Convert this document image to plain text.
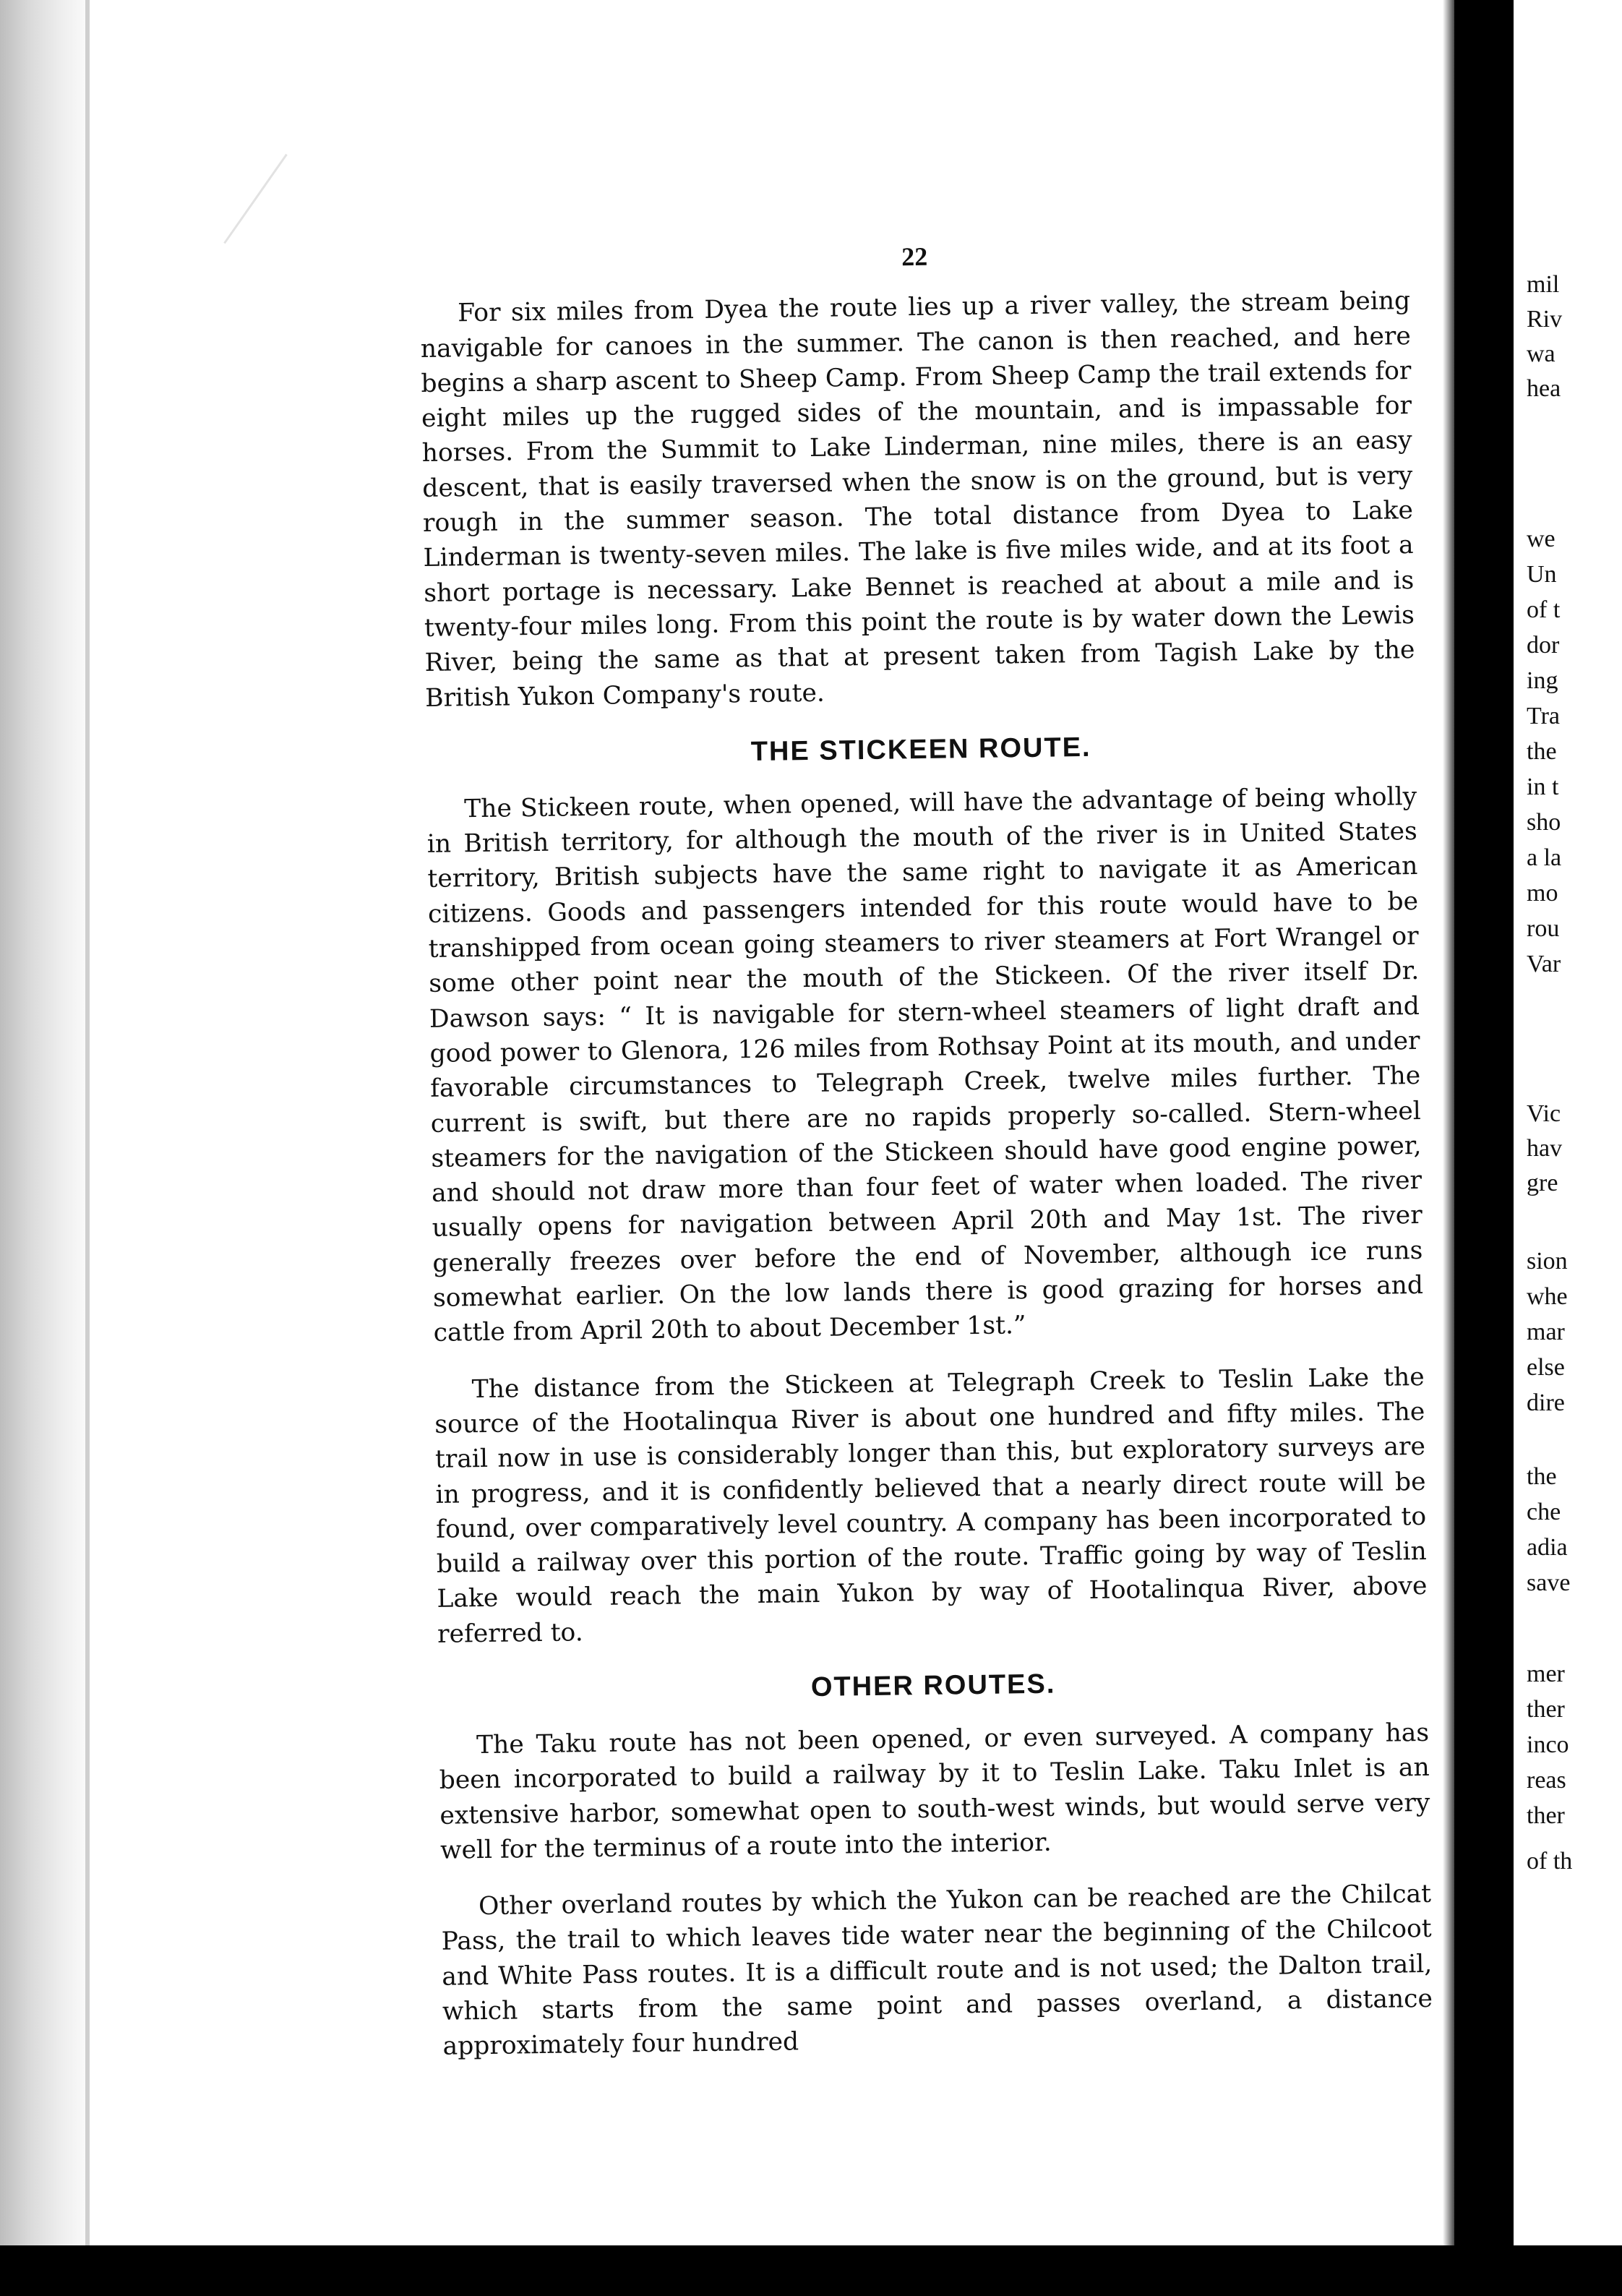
22

For six miles from Dyea the route lies up a river valley, the stream being navigable for canoes in the summer. The canon is then reached, and here begins a sharp ascent to Sheep Camp. From Sheep Camp the trail extends for eight miles up the rugged sides of the mountain, and is impassable for horses. From the Summit to Lake Linderman, nine miles, there is an easy descent, that is easily traversed when the snow is on the ground, but is very rough in the summer season. The total distance from Dyea to Lake Linderman is twenty-seven miles. The lake is five miles wide, and at its foot a short portage is necessary. Lake Bennet is reached at about a mile and is twenty-four miles long. From this point the route is by water down the Lewis River, being the same as that at present taken from Tagish Lake by the British Yukon Company's route.

THE STICKEEN ROUTE.

The Stickeen route, when opened, will have the advantage of being wholly in British territory, for although the mouth of the river is in United States territory, British subjects have the same right to navigate it as American citizens. Goods and passengers intended for this route would have to be transhipped from ocean going steamers to river steamers at Fort Wrangel or some other point near the mouth of the Stickeen. Of the river itself Dr. Dawson says: “ It is navigable for stern-wheel steamers of light draft and good power to Glenora, 126 miles from Rothsay Point at its mouth, and under favorable circumstances to Telegraph Creek, twelve miles further. The current is swift, but there are no rapids properly so-called. Stern-wheel steamers for the navigation of the Stickeen should have good engine power, and should not draw more than four feet of water when loaded. The river usually opens for navigation between April 20th and May 1st. The river generally freezes over before the end of November, although ice runs somewhat earlier. On the low lands there is good grazing for horses and cattle from April 20th to about December 1st.”

The distance from the Stickeen at Telegraph Creek to Teslin Lake the source of the Hootalinqua River is about one hundred and fifty miles. The trail now in use is considerably longer than this, but exploratory surveys are in progress, and it is confidently believed that a nearly direct route will be found, over comparatively level country. A company has been incorporated to build a railway over this portion of the route. Traffic going by way of Teslin Lake would reach the main Yukon by way of Hootalinqua River, above referred to.

OTHER ROUTES.

The Taku route has not been opened, or even surveyed. A company has been incorporated to build a railway by it to Teslin Lake. Taku Inlet is an extensive harbor, somewhat open to south-west winds, but would serve very well for the terminus of a route into the interior.

Other overland routes by which the Yukon can be reached are the Chilcat Pass, the trail to which leaves tide water near the beginning of the Chilcoot and White Pass routes. It is a difficult route and is not used; the Dalton trail, which starts from the same point and passes overland, a distance approximately four hundred

mil
Riv
wa
hea
we
Un
of t
dor
ing
Tra
the
in t
sho
a la
mo
rou
Var
Vic
hav
gre
sion
whe
mar
else
dire
the
che
adia
save
mer
ther
inco
reas
ther
of th
